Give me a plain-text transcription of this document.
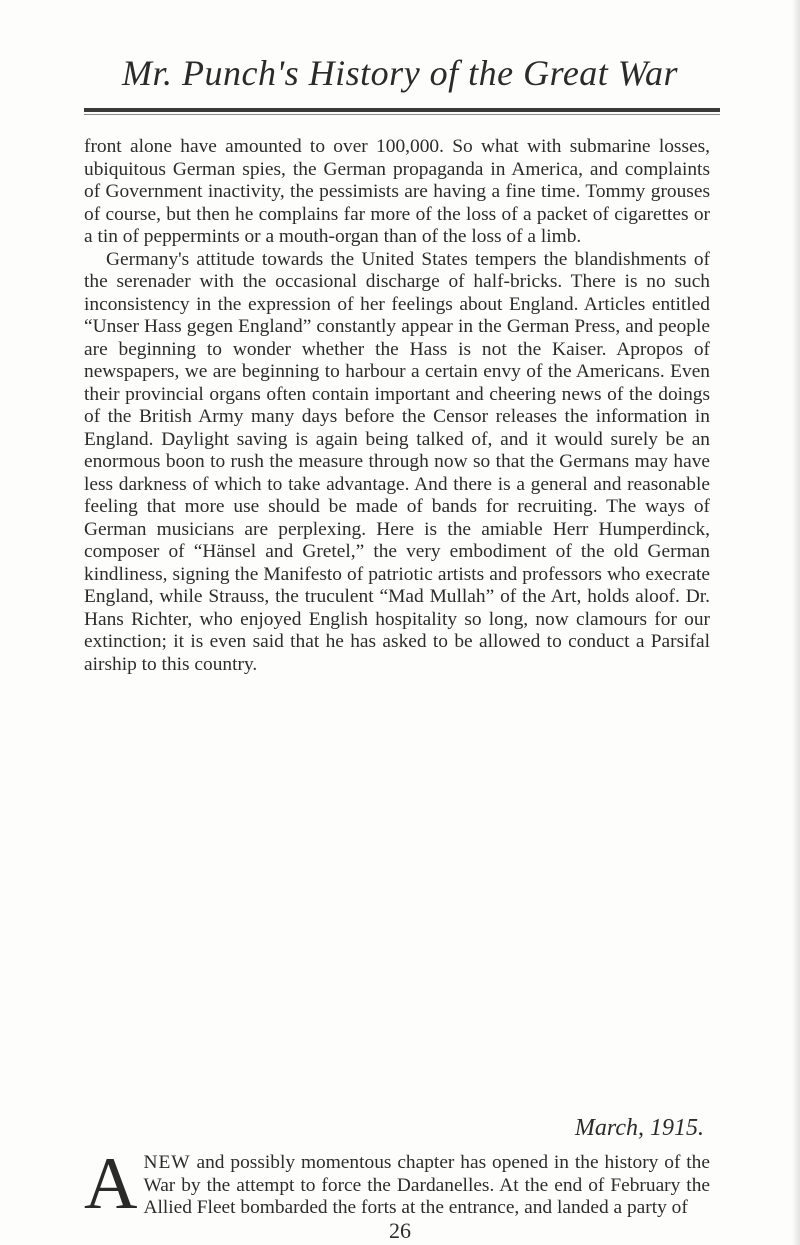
Mr. Punch's History of the Great War

front alone have amounted to over 100,000. So what with submarine losses, ubiquitous German spies, the German propaganda in America, and complaints of Government inactivity, the pessimists are having a fine time. Tommy grouses of course, but then he complains far more of the loss of a packet of cigarettes or a tin of peppermints or a mouth-organ than of the loss of a limb.

Germany's attitude towards the United States tempers the blandishments of the serenader with the occasional discharge of half-bricks. There is no such inconsistency in the expression of her feelings about England. Articles entitled “Unser Hass gegen England” constantly appear in the German Press, and people are beginning to wonder whether the Hass is not the Kaiser. Apropos of newspapers, we are beginning to harbour a certain envy of the Americans. Even their provincial organs often contain important and cheering news of the doings of the British Army many days before the Censor releases the information in England. Daylight saving is again being talked of, and it would surely be an enormous boon to rush the measure through now so that the Germans may have less darkness of which to take advantage. And there is a general and reasonable feeling that more use should be made of bands for recruiting. The ways of German musicians are perplexing. Here is the amiable Herr Humperdinck, composer of “Hänsel and Gretel,” the very embodiment of the old German kindliness, signing the Manifesto of patriotic artists and professors who execrate England, while Strauss, the truculent “Mad Mullah” of the Art, holds aloof. Dr. Hans Richter, who enjoyed English hospitality so long, now clamours for our extinction; it is even said that he has asked to be allowed to conduct a Parsifal airship to this country.

March, 1915.
ANEW and possibly momentous chapter has opened in the history of the War by the attempt to force the Dardanelles. At the end of February the Allied Fleet bombarded the forts at the entrance, and landed a party of
26
